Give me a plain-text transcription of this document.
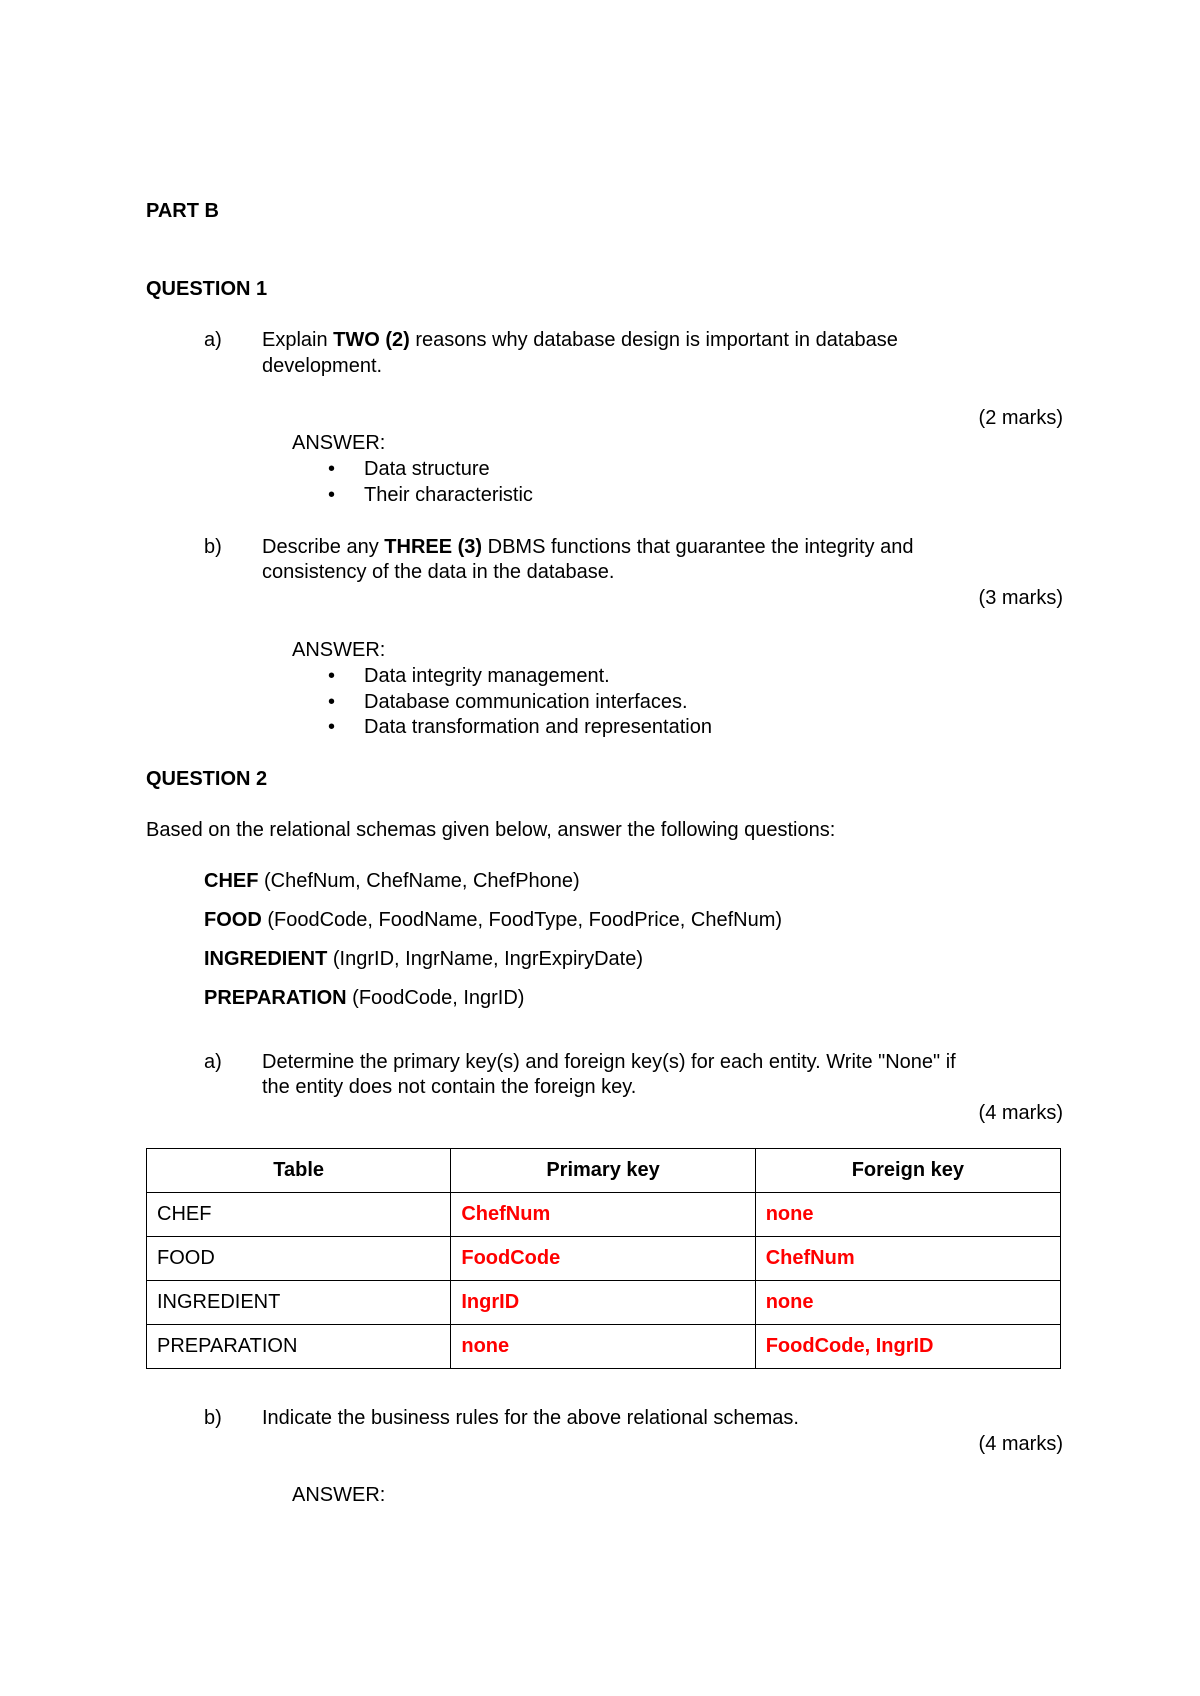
PART B
QUESTION 1
a) Explain TWO (2) reasons why database design is important in database
development.
(2 marks)
ANSWER:
• Data structure
• Their characteristic
b) Describe any THREE (3) DBMS functions that guarantee the integrity and
consistency of the data in the database.
(3 marks)
ANSWER:
• Data integrity management.
• Database communication interfaces.
• Data transformation and representation
QUESTION 2
Based on the relational schemas given below, answer the following questions:
CHEF (ChefNum, ChefName, ChefPhone)
FOOD (FoodCode, FoodName, FoodType, FoodPrice, ChefNum)
INGREDIENT (IngrID, IngrName, IngrExpiryDate)
PREPARATION (FoodCode, IngrID)
a) Determine the primary key(s) and foreign key(s) for each entity. Write "None" if
the entity does not contain the foreign key.
(4 marks)
Table	Primary key	Foreign key
CHEF	ChefNum	none
FOOD	FoodCode	ChefNum
INGREDIENT	IngrID	none
PREPARATION	none	FoodCode, IngrID
b) Indicate the business rules for the above relational schemas.
(4 marks)
ANSWER:
